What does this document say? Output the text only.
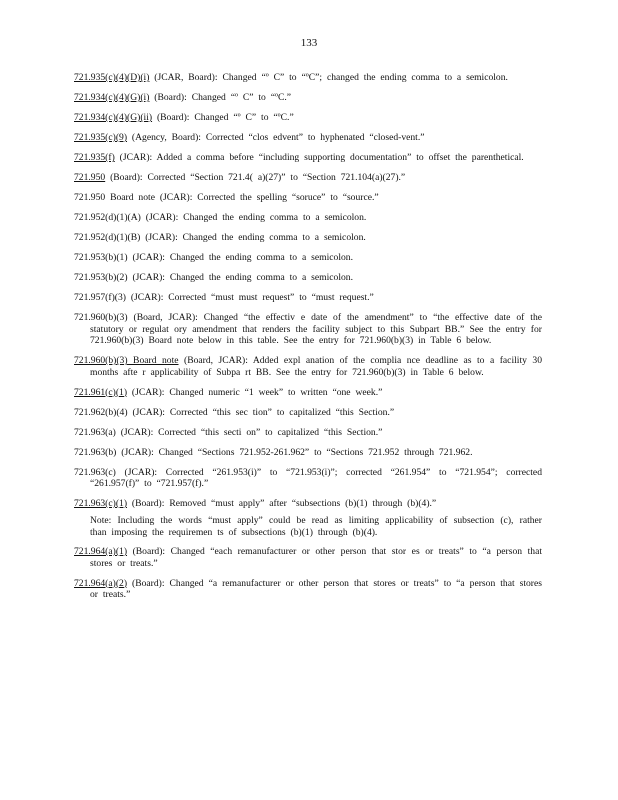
133
721.935(c)(4)(D)(i) (JCAR, Board): Changed “º C” to “ºC”; changed the ending comma to a semicolon.
721.934(c)(4)(G)(i) (Board): Changed “º C” to “ºC.”
721.934(c)(4)(G)(ii) (Board): Changed “º C” to “ºC.”
721.935(c)(9) (Agency, Board): Corrected “clos edvent” to hyphenated “closed-vent.”
721.935(f) (JCAR): Added a comma before “including supporting documentation” to offset the parenthetical.
721.950 (Board): Corrected “Section 721.4( a)(27)” to “Section 721.104(a)(27).”
721.950 Board note (JCAR): Corrected the spelling “soruce” to “source.”
721.952(d)(1)(A) (JCAR): Changed the ending comma to a semicolon.
721.952(d)(1)(B) (JCAR): Changed the ending comma to a semicolon.
721.953(b)(1) (JCAR): Changed the ending comma to a semicolon.
721.953(b)(2) (JCAR): Changed the ending comma to a semicolon.
721.957(f)(3) (JCAR): Corrected “must must request” to “must request.”
721.960(b)(3) (Board, JCAR): Changed “the effectiv e date of the amendment” to “the effective date of the statutory or regulat ory amendment that renders the facility subject to this Subpart BB.” See the entry for 721.960(b)(3) Board note below in this table. See the entry for 721.960(b)(3) in Table 6 below.
721.960(b)(3) Board note (Board, JCAR): Added expl anation of the complia nce deadline as to a facility 30 months afte r applicability of Subpa rt BB. See the entry for 721.960(b)(3) in Table 6 below.
721.961(c)(1) (JCAR): Changed numeric “1 week” to written “one week.”
721.962(b)(4) (JCAR): Corrected “this sec tion” to capitalized “this Section.”
721.963(a) (JCAR): Corrected “this secti on” to capitalized “this Section.”
721.963(b) (JCAR): Changed “Sections 721.952-261.962” to “Sections 721.952 through 721.962.
721.963(c) (JCAR): Corrected “261.953(i)” to “721.953(i)”; corrected “261.954” to “721.954”; corrected “261.957(f)” to “721.957(f).”
721.963(c)(1) (Board): Removed “must apply” after “subsections (b)(1) through (b)(4).”
Note: Including the words “must apply” could be read as limiting applicability of subsection (c), rather than imposing the requiremen ts of subsections (b)(1) through (b)(4).
721.964(a)(1) (Board): Changed “each remanufacturer or other person that stor es or treats” to “a person that stores or treats.”
721.964(a)(2) (Board): Changed “a remanufacturer or other person that stores or treats” to “a person that stores or treats.”
